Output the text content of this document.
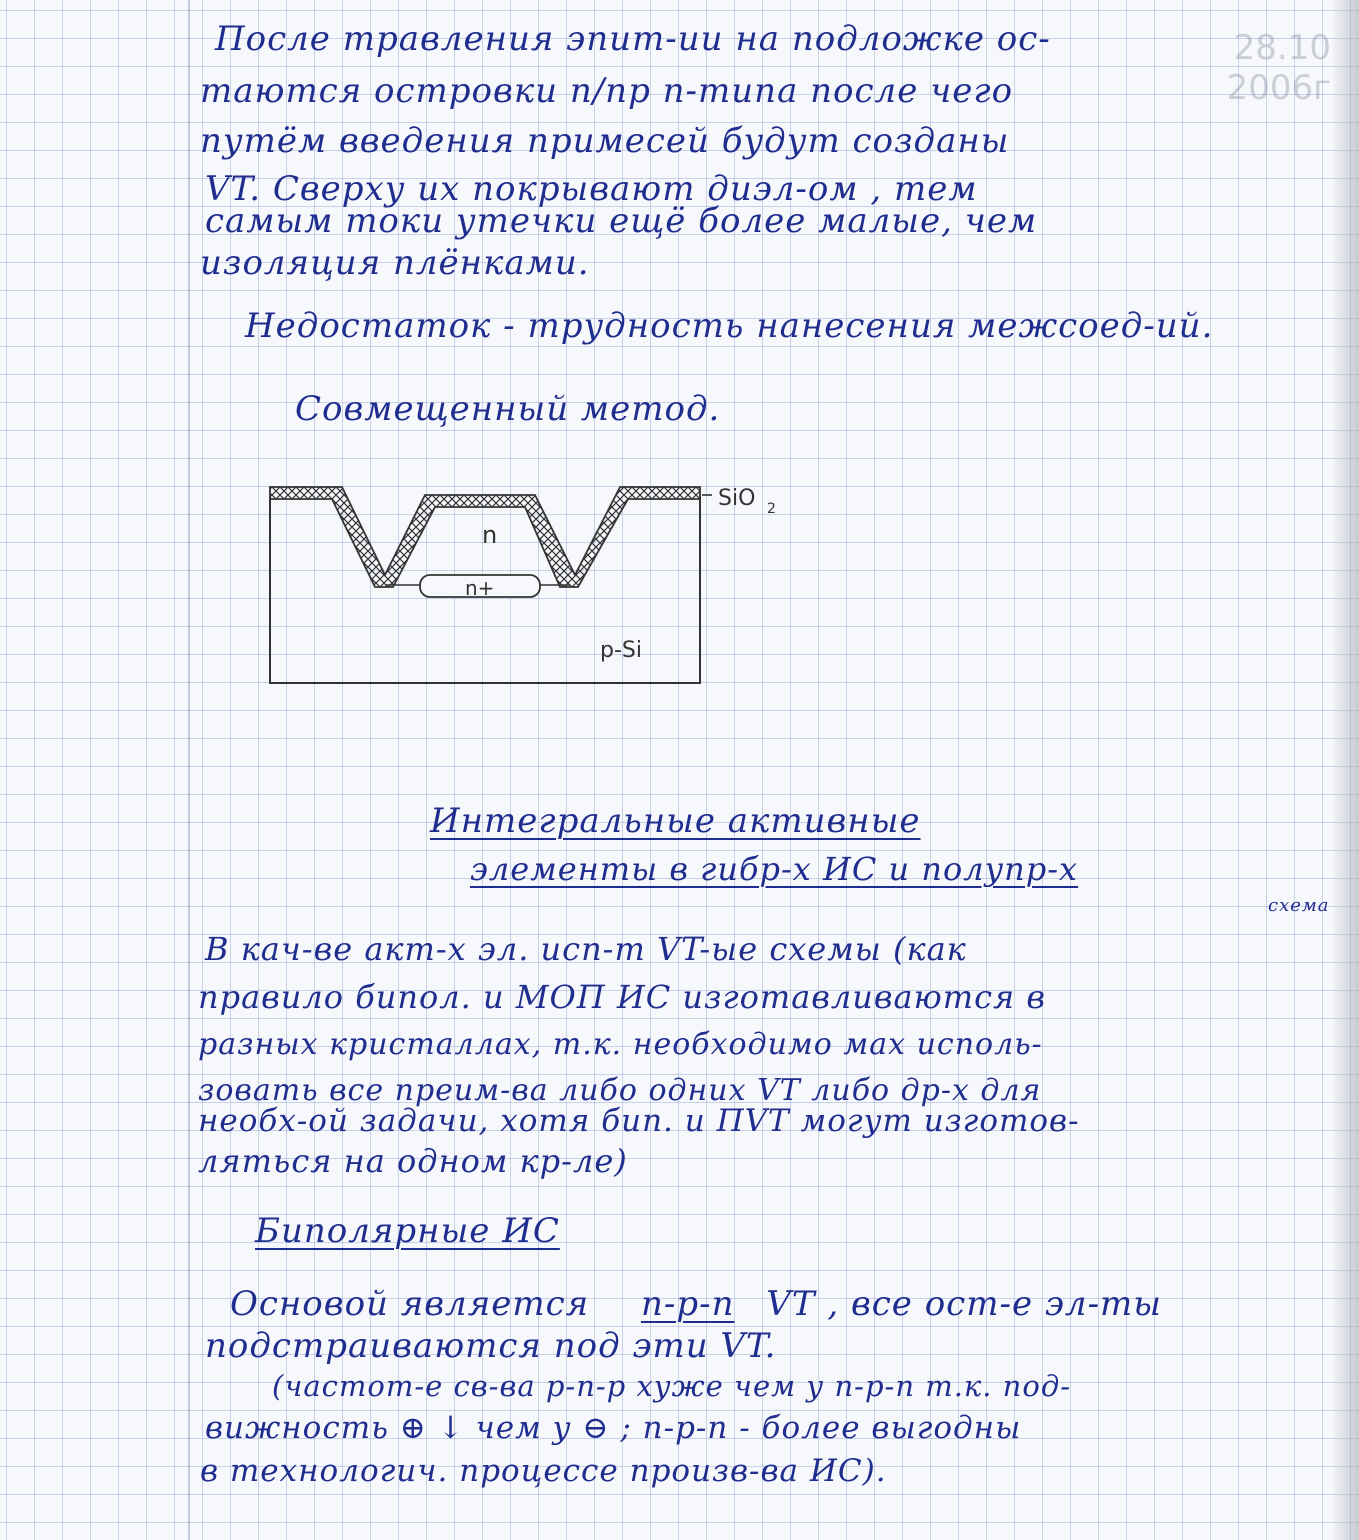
28.10
2006г
После травления эпит-ии на подложке ос-
таются островки п/пр n-типа после чего
путём введения примесей будут созданы
VT. Сверху их покрывают диэл-ом , тем
самым токи утечки ещё более малые, чем
изоляция плёнками.
Недостаток - трудность нанесения межсоед-ий.
Совмещенный метод.
n+
n
p-Si
SiO 2
Интегральные активные
элементы в гибр-х ИС и полупр-х
схема
В кач-ве акт-х эл. исп-т VT-ые схемы (как
правило бипол. и МОП ИС изготавливаются в
разных кристаллах, т.к. необходимо мах исполь-
зовать все преим-ва либо одних VT либо др-х для
необх-ой задачи, хотя бип. и ПVT могут изготов-
ляться на одном кр-ле)
Биполярные ИС
Основой является n-p-n VT , все ост-е эл-ты
подстраиваются под эти VT.
(частот-е св-ва p-n-p хуже чем у n-p-n т.к. под-
вижность ⊕ ↓ чем у ⊖ ; n-p-n - более выгодны
в технологич. процессе произв-ва ИС).
